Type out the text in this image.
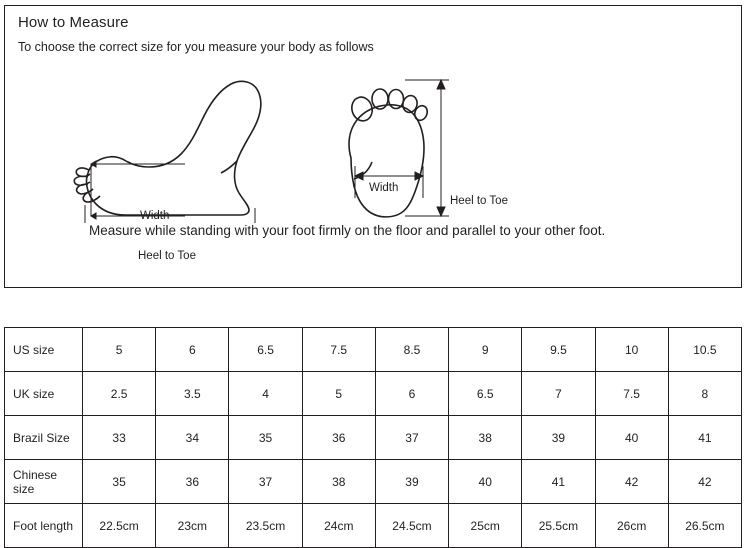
How to Measure
To choose the correct size for you measure your body as follows
Width
Heel to Toe
Width
Heel to Toe
Measure while standing with your foot firmly on the floor and parallel to your other foot.
US size	5	6	6.5	7.5	8.5	9	9.5	10	10.5
UK size	2.5	3.5	4	5	6	6.5	7	7.5	8
Brazil Size	33	34	35	36	37	38	39	40	41
Chinese size	35	36	37	38	39	40	41	42	42
Foot length	22.5cm	23cm	23.5cm	24cm	24.5cm	25cm	25.5cm	26cm	26.5cm
